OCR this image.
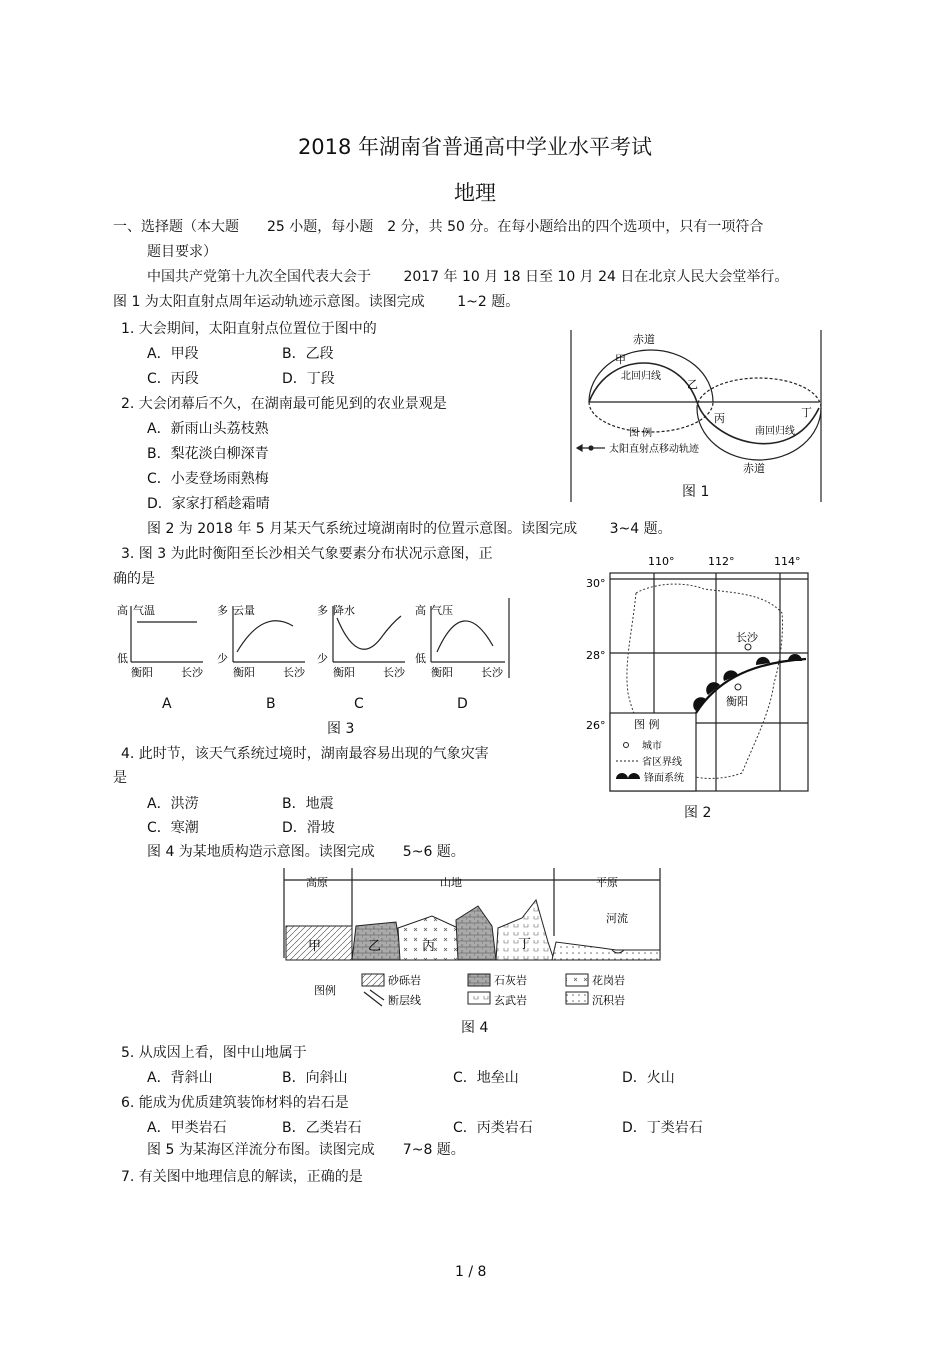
2018 年湖南省普通高中学业水平考试
地理
一、选择题（本大题　　25 小题，每小题　2 分，共 50 分。在每小题给出的四个选项中，只有一项符合
题目要求）
中国共产党第十九次全国代表大会于　　 2017 年 10 月 18 日至 10 月 24 日在北京人民大会堂举行。
图 1 为太阳直射点周年运动轨迹示意图。读图完成　　 1~2 题。
1. 大会期间，太阳直射点位置位于图中的
A．甲段	B．乙段
C．丙段	D．丁段
2. 大会闭幕后不久，在湖南最可能见到的农业景观是
A．新雨山头荔枝熟
B．梨花淡白柳深青
C．小麦登场雨熟梅
D．家家打稻趁霜晴
赤道
北回归线
南回归线
赤道
甲
乙
丙	丁
图 例
太阳直射点移动轨迹
图 1
图 2 为 2018 年 5 月某天气系统过境湖南时的位置示意图。读图完成　　 3~4 题。
3. 图 3 为此时衡阳至长沙相关气象要素分布状况示意图，正
确的是
高 气温
低
衡阳	长沙
多 云量
少
衡阳	长沙
多 降水
少
衡阳	长沙
高 气压
低
衡阳	长沙
A	B	C	D
图 3
110°	112°	114°
30°
28°
26°
长沙
衡阳
图 例
城市
省区界线
锋面系统
图 2
4. 此时节，该天气系统过境时，湖南最容易出现的气象灾害
是
A．洪涝	B．地震
C．寒潮	D．滑坡
图 4 为某地质构造示意图。读图完成　　5~6 题。
高原	山地	平原
甲	乙	丙	丁
河流
图例
砂砾岩	石灰岩	花岗岩
断层线	玄武岩	沉积岩
图 4
5. 从成因上看，图中山地属于
A．背斜山	B．向斜山	C．地垒山	D．火山
6. 能成为优质建筑装饰材料的岩石是
A．甲类岩石	B．乙类岩石	C．丙类岩石	D．丁类岩石
图 5 为某海区洋流分布图。读图完成　　7~8 题。
7. 有关图中地理信息的解读，正确的是
1 / 8
